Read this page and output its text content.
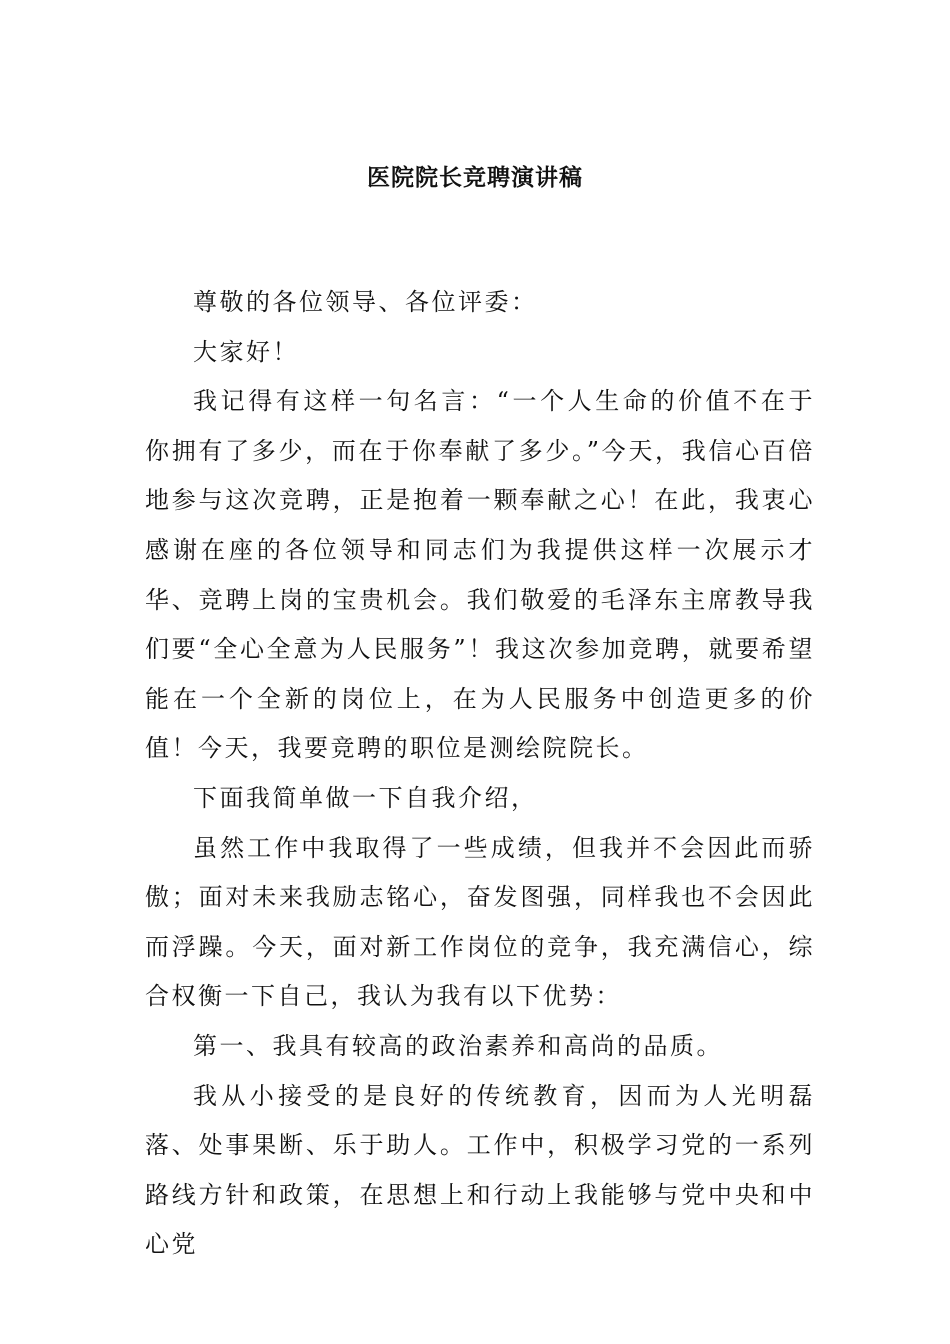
医院院长竞聘演讲稿

尊敬的各位领导、各位评委：

大家好！

我记得有这样一句名言：“一个人生命的价值不在于你拥有了多少，而在于你奉献了多少。”今天，我信心百倍地参与这次竞聘，正是抱着一颗奉献之心！在此，我衷心感谢在座的各位领导和同志们为我提供这样一次展示才华、竞聘上岗的宝贵机会。我们敬爱的毛泽东主席教导我们要“全心全意为人民服务”！我这次参加竞聘，就要希望能在一个全新的岗位上，在为人民服务中创造更多的价值！今天，我要竞聘的职位是测绘院院长。

下面我简单做一下自我介绍，

虽然工作中我取得了一些成绩，但我并不会因此而骄傲；面对未来我励志铭心，奋发图强，同样我也不会因此而浮躁。今天，面对新工作岗位的竞争，我充满信心，综合权衡一下自己，我认为我有以下优势：

第一、我具有较高的政治素养和高尚的品质。

我从小接受的是良好的传统教育，因而为人光明磊落、处事果断、乐于助人。工作中，积极学习党的一系列路线方针和政策，在思想上和行动上我能够与党中央和中心党
